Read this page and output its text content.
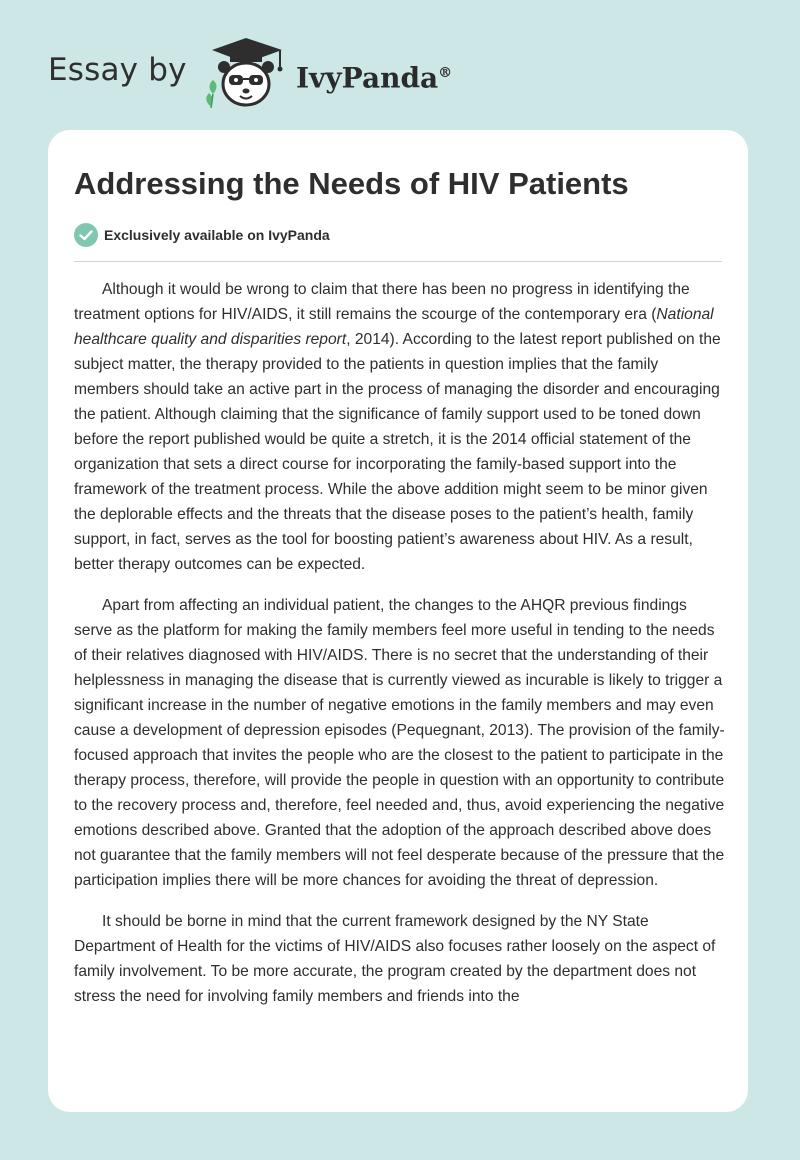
Essay by	IvyPanda®
Addressing the Needs of HIV Patients
Exclusively available on IvyPanda

Although it would be wrong to claim that there has been no progress in identifying the treatment options for HIV/AIDS, it still remains the scourge of the contemporary era (National healthcare quality and disparities report, 2014). According to the latest report published on the subject matter, the therapy provided to the patients in question implies that the family members should take an active part in the process of managing the disorder and encouraging the patient. Although claiming that the significance of family support used to be toned down before the report published would be quite a stretch, it is the 2014 official statement of the organization that sets a direct course for incorporating the family-based support into the framework of the treatment process. While the above addition might seem to be minor given the deplorable effects and the threats that the disease poses to the patient’s health, family support, in fact, serves as the tool for boosting patient’s awareness about HIV. As a result, better therapy outcomes can be expected.

Apart from affecting an individual patient, the changes to the AHQR previous findings serve as the platform for making the family members feel more useful in tending to the needs of their relatives diagnosed with HIV/AIDS. There is no secret that the understanding of their helplessness in managing the disease that is currently viewed as incurable is likely to trigger a significant increase in the number of negative emotions in the family members and may even cause a development of depression episodes (Pequegnant, 2013). The provision of the family-focused approach that invites the people who are the closest to the patient to participate in the therapy process, therefore, will provide the people in question with an opportunity to contribute to the recovery process and, therefore, feel needed and, thus, avoid experiencing the negative emotions described above. Granted that the adoption of the approach described above does not guarantee that the family members will not feel desperate because of the pressure that the participation implies there will be more chances for avoiding the threat of depression.

It should be borne in mind that the current framework designed by the NY State Department of Health for the victims of HIV/AIDS also focuses rather loosely on the aspect of family involvement. To be more accurate, the program created by the department does not stress the need for involving family members and friends into the
